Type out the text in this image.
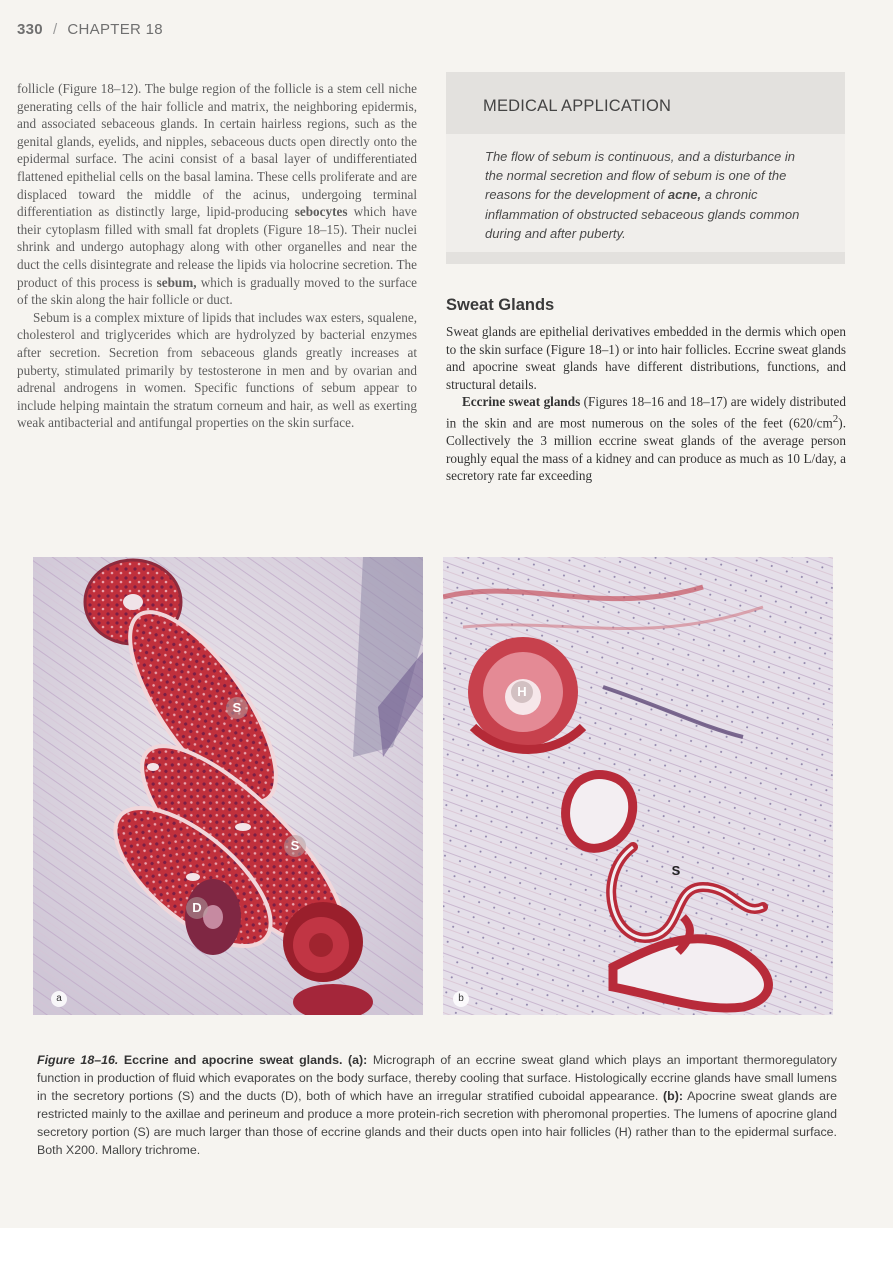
330 / CHAPTER 18

follicle (Figure 18–12). The bulge region of the follicle is a stem cell niche generating cells of the hair follicle and matrix, the neighboring epidermis, and associated sebaceous glands. In certain hairless regions, such as the genital glands, eyelids, and nipples, sebaceous ducts open directly onto the epidermal surface. The acini consist of a basal layer of undifferentiated flattened epithelial cells on the basal lamina. These cells proliferate and are displaced toward the middle of the acinus, undergoing terminal differentiation as distinctly large, lipid-producing sebocytes which have their cytoplasm filled with small fat droplets (Figure 18–15). Their nuclei shrink and undergo autophagy along with other organelles and near the duct the cells disintegrate and release the lipids via holocrine secretion. The product of this process is sebum, which is gradually moved to the surface of the skin along the hair follicle or duct.

Sebum is a complex mixture of lipids that includes wax esters, squalene, cholesterol and triglycerides which are hydrolyzed by bacterial enzymes after secretion. Secretion from sebaceous glands greatly increases at puberty, stimulated primarily by testosterone in men and by ovarian and adrenal androgens in women. Specific functions of sebum appear to include helping maintain the stratum corneum and hair, as well as exerting weak antibacterial and antifungal properties on the skin surface.

MEDICAL APPLICATION
The flow of sebum is continuous, and a disturbance in the normal secretion and flow of sebum is one of the reasons for the development of acne, a chronic inflammation of obstructed sebaceous glands common during and after puberty.
Sweat Glands

Sweat glands are epithelial derivatives embedded in the dermis which open to the skin surface (Figure 18–1) or into hair follicles. Eccrine sweat glands and apocrine sweat glands have different distributions, functions, and structural details.

Eccrine sweat glands (Figures 18–16 and 18–17) are widely distributed in the skin and are most numerous on the soles of the feet $(620/cm^2)$. Collectively the 3 million eccrine sweat glands of the average person roughly equal the mass of a kidney and can produce as much as 10 L/day, a secretory rate far exceeding

S
S
D
a
H
S
b
Figure 18–16. Eccrine and apocrine sweat glands. (a): Micrograph of an eccrine sweat gland which plays an important thermoregulatory function in production of fluid which evaporates on the body surface, thereby cooling that surface. Histologically eccrine glands have small lumens in the secretory portions (S) and the ducts (D), both of which have an irregular stratified cuboidal appearance. (b): Apocrine sweat glands are restricted mainly to the axillae and perineum and produce a more protein-rich secretion with pheromonal properties. The lumens of apocrine gland secretory portion (S) are much larger than those of eccrine glands and their ducts open into hair follicles (H) rather than to the epidermal surface. Both X200. Mallory trichrome.
